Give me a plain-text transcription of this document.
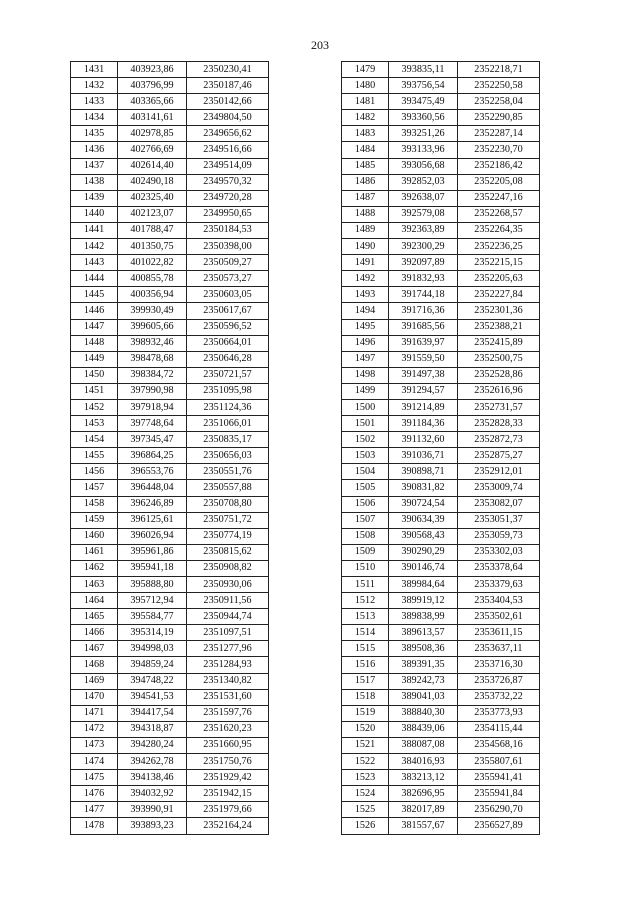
203
1431	403923,86	2350230,41
1432	403796,99	2350187,46
1433	403365,66	2350142,66
1434	403141,61	2349804,50
1435	402978,85	2349656,62
1436	402766,69	2349516,66
1437	402614,40	2349514,09
1438	402490,18	2349570,32
1439	402325,40	2349720,28
1440	402123,07	2349950,65
1441	401788,47	2350184,53
1442	401350,75	2350398,00
1443	401022,82	2350509,27
1444	400855,78	2350573,27
1445	400356,94	2350603,05
1446	399930,49	2350617,67
1447	399605,66	2350596,52
1448	398932,46	2350664,01
1449	398478,68	2350646,28
1450	398384,72	2350721,57
1451	397990,98	2351095,98
1452	397918,94	2351124,36
1453	397748,64	2351066,01
1454	397345,47	2350835,17
1455	396864,25	2350656,03
1456	396553,76	2350551,76
1457	396448,04	2350557,88
1458	396246,89	2350708,80
1459	396125,61	2350751,72
1460	396026,94	2350774,19
1461	395961,86	2350815,62
1462	395941,18	2350908,82
1463	395888,80	2350930,06
1464	395712,94	2350911,56
1465	395584,77	2350944,74
1466	395314,19	2351097,51
1467	394998,03	2351277,96
1468	394859,24	2351284,93
1469	394748,22	2351340,82
1470	394541,53	2351531,60
1471	394417,54	2351597,76
1472	394318,87	2351620,23
1473	394280,24	2351660,95
1474	394262,78	2351750,76
1475	394138,46	2351929,42
1476	394032,92	2351942,15
1477	393990,91	2351979,66
1478	393893,23	2352164,24
1479	393835,11	2352218,71
1480	393756,54	2352250,58
1481	393475,49	2352258,04
1482	393360,56	2352290,85
1483	393251,26	2352287,14
1484	393133,96	2352230,70
1485	393056,68	2352186,42
1486	392852,03	2352205,08
1487	392638,07	2352247,16
1488	392579,08	2352268,57
1489	392363,89	2352264,35
1490	392300,29	2352236,25
1491	392097,89	2352215,15
1492	391832,93	2352205,63
1493	391744,18	2352227,84
1494	391716,36	2352301,36
1495	391685,56	2352388,21
1496	391639,97	2352415,89
1497	391559,50	2352500,75
1498	391497,38	2352528,86
1499	391294,57	2352616,96
1500	391214,89	2352731,57
1501	391184,36	2352828,33
1502	391132,60	2352872,73
1503	391036,71	2352875,27
1504	390898,71	2352912,01
1505	390831,82	2353009,74
1506	390724,54	2353082,07
1507	390634,39	2353051,37
1508	390568,43	2353059,73
1509	390290,29	2353302,03
1510	390146,74	2353378,64
1511	389984,64	2353379,63
1512	389919,12	2353404,53
1513	389838,99	2353502,61
1514	389613,57	2353611,15
1515	389508,36	2353637,11
1516	389391,35	2353716,30
1517	389242,73	2353726,87
1518	389041,03	2353732,22
1519	388840,30	2353773,93
1520	388439,06	2354115,44
1521	388087,08	2354568,16
1522	384016,93	2355807,61
1523	383213,12	2355941,41
1524	382696,95	2355941,84
1525	382017,89	2356290,70
1526	381557,67	2356527,89
